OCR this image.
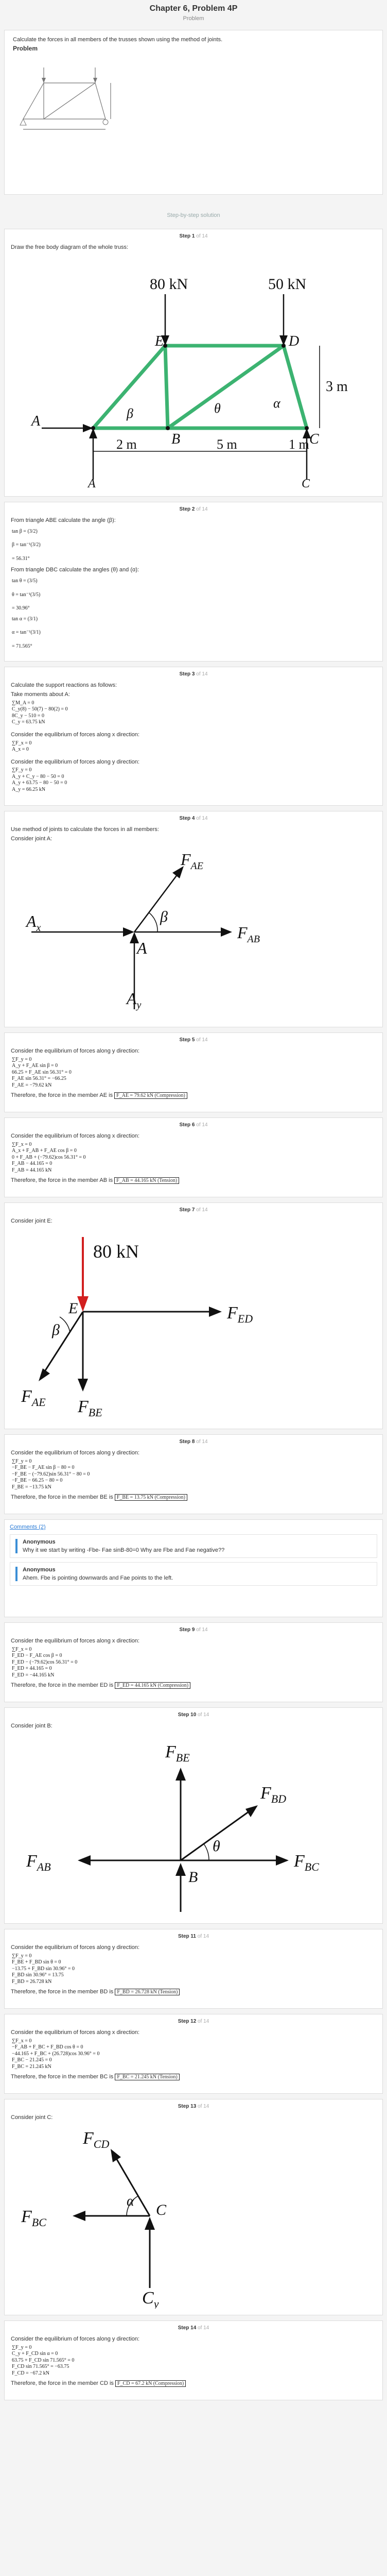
Chapter 6, Problem 4P
Problem
Calculate the forces in all members of the trusses shown using the method of joints.
Problem
Step-by-step solution
Step 1 of 14
Draw the free body diagram of the whole truss:
80 kN	50 kN
E	D
A
B	C
β	θ	α
A	C
3 m
2 m	5 m	1 m
Step 2 of 14
From triangle ABE calculate the angle (β):
tan β = (3/2)
β = tan⁻¹(3/2)
= 56.31°
From triangle DBC calculate the angles (θ) and (α):
tan θ = (3/5)
θ = tan⁻¹(3/5)
= 30.96°
tan α = (3/1)
α = tan⁻¹(3/1)
= 71.565°
Step 3 of 14
Calculate the support reactions as follows:
Take moments about A:
∑M_A = 0
C_y(8) − 50(7) − 80(2) = 0
8C_y − 510 = 0
C_y = 63.75 kN
Consider the equilibrium of forces along x direction:
∑F_x = 0
A_x = 0
Consider the equilibrium of forces along y direction:
∑F_y = 0
A_y + C_y − 80 − 50 = 0
A_y + 63.75 − 80 − 50 = 0
A_y = 66.25 kN
Step 4 of 14
Use method of joints to calculate the forces in all members:
Consider joint A:
β
$F_{AE}$
$F_{AB}$
$A_x$
A
$A_y$
Step 5 of 14
Consider the equilibrium of forces along y direction:
∑F_y = 0
A_y + F_AE sin β = 0
66.25 + F_AE sin 56.31° = 0
F_AE sin 56.31° = −66.25
F_AE = −79.62 kN
Therefore, the force in the member AE is F_AE = 79.62 kN (Compression)
Step 6 of 14
Consider the equilibrium of forces along x direction:
∑F_x = 0
A_x + F_AB + F_AE cos β = 0
0 + F_AB + (−79.62)cos 56.31° = 0
F_AB − 44.165 = 0
F_AB = 44.165 kN
Therefore, the force in the member AB is F_AB = 44.165 kN (Tension)
Step 7 of 14
Consider joint E:
80 kN
E
β
$F_{ED}$
$F_{AE}$ $F_{BE}$
Step 8 of 14
Consider the equilibrium of forces along y direction:
∑F_y = 0
−F_BE − F_AE sin β − 80 = 0
−F_BE − (−79.62)sin 56.31° − 80 = 0
−F_BE − 66.25 − 80 = 0
F_BE = −13.75 kN
Therefore, the force in the member BE is F_BE = 13.75 kN (Compression)
Comments (2)
Anonymous
Why it we start by writing -Fbe- Fae sinB-80=0 Why are Fbe and Fae negative??
Anonymous
Ahem. Fbe is pointing downwards and Fae points to the left.
Step 9 of 14
Consider the equilibrium of forces along x direction:
∑F_x = 0
F_ED − F_AE cos β = 0
F_ED − (−79.62)cos 56.31° = 0
F_ED + 44.165 = 0
F_ED = −44.165 kN
Therefore, the force in the member ED is F_ED = 44.165 kN (Compression)
Step 10 of 14
Consider joint B:
θ
$F_{BE}$
$F_{BD}$
$F_{BC}$
$F_{AB}$
B
Step 11 of 14
Consider the equilibrium of forces along y direction:
∑F_y = 0
F_BE + F_BD sin θ = 0
−13.75 + F_BD sin 30.96° = 0
F_BD sin 30.96° = 13.75
F_BD = 26.728 kN
Therefore, the force in the member BD is F_BD = 26.728 kN (Tension)
Step 12 of 14
Consider the equilibrium of forces along x direction:
∑F_x = 0
−F_AB + F_BC + F_BD cos θ = 0
−44.165 + F_BC + (26.728)cos 30.96° = 0
F_BC − 21.245 = 0
F_BC = 21.245 kN
Therefore, the force in the member BC is F_BC = 21.245 kN (Tension)
Step 13 of 14
Consider joint C:
α
C
$F_{CD}$
$F_{BC}$
$C_y$
Step 14 of 14
Consider the equilibrium of forces along y direction:
∑F_y = 0
C_y + F_CD sin α = 0
63.75 + F_CD sin 71.565° = 0
F_CD sin 71.565° = −63.75
F_CD = −67.2 kN
Therefore, the force in the member CD is F_CD = 67.2 kN (Compression)
